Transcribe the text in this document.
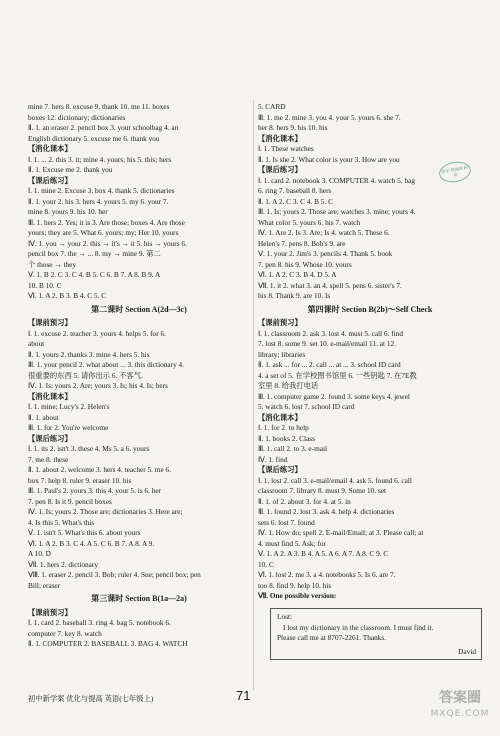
mine 7. hers 8. excuse 9. thank 10. me 11. boxes
boxes 12. dictionary; dictionaries
Ⅱ. 1. an eraser 2. pencil box 3. your schoolbag 4. an
English dictionary 5. excuse me 6. thank you
【消化课本】
Ⅰ. 1. ... 2. this 3. it; mine 4. yours; his 5. this; hers
Ⅱ. 1. Excuse me 2. thank you
【课后练习】
Ⅰ. 1. mine 2. Excuse 3. box 4. thank 5. dictionaries
Ⅱ. 1. your 2. his 3. hers 4. yours 5. my 6. your 7.
mine 8. yours 9. his 10. her
Ⅲ. 1. hers 2. Yes; it is 3. Are those; boxes 4. Are those
yours; they are 5. What 6. yours; my; Her 10. yours
Ⅳ. 1. you → your 2. this → it's → it 5. his → yours 6.
pencil box 7. the → ... 8. my → mine 9. 第二
个 those → they
Ⅴ. 1. B 2. C 3. C 4. B 5. C 6. B 7. A 8. B 9. A
10. B 10. C
Ⅵ. 1. A 2. B 3. B 4. C 5. C
第二课时 Section A(2d—3c)
【课前预习】
Ⅰ. 1. excuse 2. teacher 3. yours 4. helps 5. for 6.
about
Ⅱ. 1. yours 2. thanks 3. mine 4. hers 5. his
Ⅲ. 1. your pencil 2. what about ... 3. this dictionary 4.
很重要的东西 5. 请你出示 6. 不客气.
Ⅳ. 1. Is; yours 2. Are; yours 3. Is; his 4. Is; hers
【消化课本】
Ⅰ. 1. mine; Lucy's 2. Helen's
Ⅱ. 1. about
Ⅲ. 1. for 2. You're welcome
【课后练习】
Ⅰ. 1. its 2. isn't 3. these 4. Ms 5. a 6. yours
7. me 8. these
Ⅱ. 1. about 2. welcome 3. hers 4. teacher 5. me 6.
box 7. help 8. ruler 9. eraser 10. his
Ⅲ. 1. Paul's 2. yours 3. this 4. your 5. is 6. her
7. pen 8. Is it 9. pencil boxes
Ⅳ. 1. Is; yours 2. Those are; dictionaries 3. Here are;
4. Is this 5. What's this
Ⅴ. 1. isn't 5. What's this 6. about yours
Ⅵ. 1. A 2. B 3. C 4. A 5. C 6. B 7. A 8. A 9.
A 10. D
Ⅶ. 1. hers 2. dictionary
Ⅷ. 1. eraser 2. pencil 3. Bob; ruler 4. Sue; pencil box; pen
Bill; eraser
第三课时 Section B(1a—2a)
【课前预习】
Ⅰ. 1. card 2. baseball 3. ring 4. bag 5. notebook 6.
computer 7. key 8. watch
Ⅱ. 1. COMPUTER 2. BASEBALL 3. BAG 4. WATCH
5. CARD
Ⅲ. 1. me 2. mine 3. you 4. your 5. yours 6. she 7.
her 8. hers 9. his 10. his
【消化课本】
Ⅰ. 1. These watches
Ⅱ. 1. Is she 2. What color is your 3. How are you
【课后练习】
Ⅰ. 1. card 2. notebook 3. COMPUTER 4. watch 5. bag
6. ring 7. baseball 8. hers
Ⅱ. 1. A 2. C 3. C 4. B 5. C
Ⅲ. 1. Is; yours 2. Those are; watches 3. mine; yours 4.
What color 5. yours 6. his 7. watch
Ⅳ. 1. Are 2. Is 3. Are; Is 4. watch 5. These 6.
Helen's 7. pens 8. Bob's 9. are
Ⅴ. 1. your 2. Jim's 3. pencils 4. Thank 5. book
7. pen 8. his 9. Whose 10. yours
Ⅵ. 1. A 2. C 3. B 4. D 5. A
Ⅶ. 1. it 2. what 3. an 4. spell 5. pens 6. sister's 7.
his 8. Thank 9. are 10. Is
第四课时 Section B(2b)～Self Check
【课前预习】
Ⅰ. 1. classroom 2. ask 3. lost 4. must 5. call 6. find
7. lost 8. some 9. set 10. e-mail/email 11. at 12.
library; libraries
Ⅱ. 1. ask ... for ... 2. call ... at ... 3. school ID card
4. a set of 5. 在学校图书馆里 6. 一些钥匙 7. 在7E教
室里 8. 给我打电话
Ⅲ. 1. computer game 2. found 3. some keys 4. jewel
5. watch 6. lost 7. school ID card
【消化课本】
Ⅰ. 1. for 2. to help
Ⅱ. 1. books 2. Class
Ⅲ. 1. call 2. to 3. e-mail
Ⅳ. 1. find
【课后练习】
Ⅰ. 1. lost 2. call 3. e-mail/email 4. ask 5. found 6. call
classroom 7. library 8. must 9. Some 10. set
Ⅱ. 1. of 2. about 3. for 4. at 5. in
Ⅲ. 1. found 2. lost 3. ask 4. help 4. dictionaries
sets 6. lost 7. found
Ⅳ. 1. How do; spell 2. E-mail/Email; at 3. Please call; at
4. must find 5. Ask; for
Ⅴ. 1. A 2. A 3. B 4. A 5. A 6. A 7. A 8. C 9. C
10. C
Ⅵ. 1. lost 2. me 3. a 4. notebooks 5. Is 6. are 7.
too 8. find 9. help 10. his
Ⅶ. One possible version:
智学 教辅网 精品
Lost:
I lost my dictionary in the classroom. I must find it.
Please call me at 8707-2261. Thanks.
David
初中新学案 优化与提高 英语(七年级上)	71	答案圈
MXQE.COM
